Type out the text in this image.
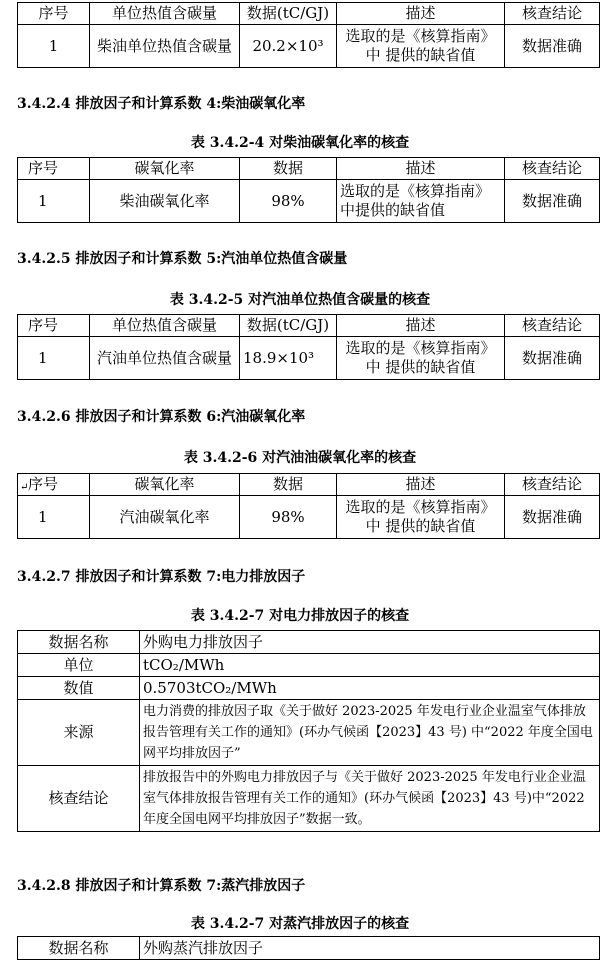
序号	单位热值含碳量	数据(tC/GJ)	描述	核查结论
1	柴油单位热值含碳量	20.2×10³	选取的是《核算指南》中 提供的缺省值	数据准确
3.4.2.4 排放因子和计算系数 4:柴油碳氧化率
表 3.4.2-4 对柴油碳氧化率的核查
序号	碳氧化率	数据	描述	核查结论
1	柴油碳氧化率	98%	选取的是《核算指南》中提供的缺省值	数据准确
3.4.2.5 排放因子和计算系数 5:汽油单位热值含碳量
表 3.4.2-5 对汽油单位热值含碳量的核查
序号	单位热值含碳量	数据(tC/GJ)	描述	核查结论
1	汽油单位热值含碳量	18.9×10³	选取的是《核算指南》中 提供的缺省值	数据准确
3.4.2.6 排放因子和计算系数 6:汽油碳氧化率
表 3.4.2-6 对汽油油碳氧化率的核查
↵ 序号	碳氧化率	数据	描述	核查结论
1	汽油碳氧化率	98%	选取的是《核算指南》中 提供的缺省值	数据准确
3.4.2.7 排放因子和计算系数 7:电力排放因子
表 3.4.2-7 对电力排放因子的核查
数据名称	外购电力排放因子
单位	tCO₂/MWh
数值	0.5703tCO₂/MWh
来源	电力消费的排放因子取《关于做好 2023-2025 年发电行业企业温室气体排放报告管理有关工作的通知》(环办气候函【2023】43 号) 中“2022 年度全国电网平均排放因子”
核查结论	排放报告中的外购电力排放因子与《关于做好 2023-2025 年发电行业企业温室气体排放报告管理有关工作的通知》(环办气候函【2023】43 号)中“2022 年度全国电网平均排放因子”数据一致。
3.4.2.8 排放因子和计算系数 7:蒸汽排放因子
表 3.4.2-7 对蒸汽排放因子的核查
数据名称	外购蒸汽排放因子
